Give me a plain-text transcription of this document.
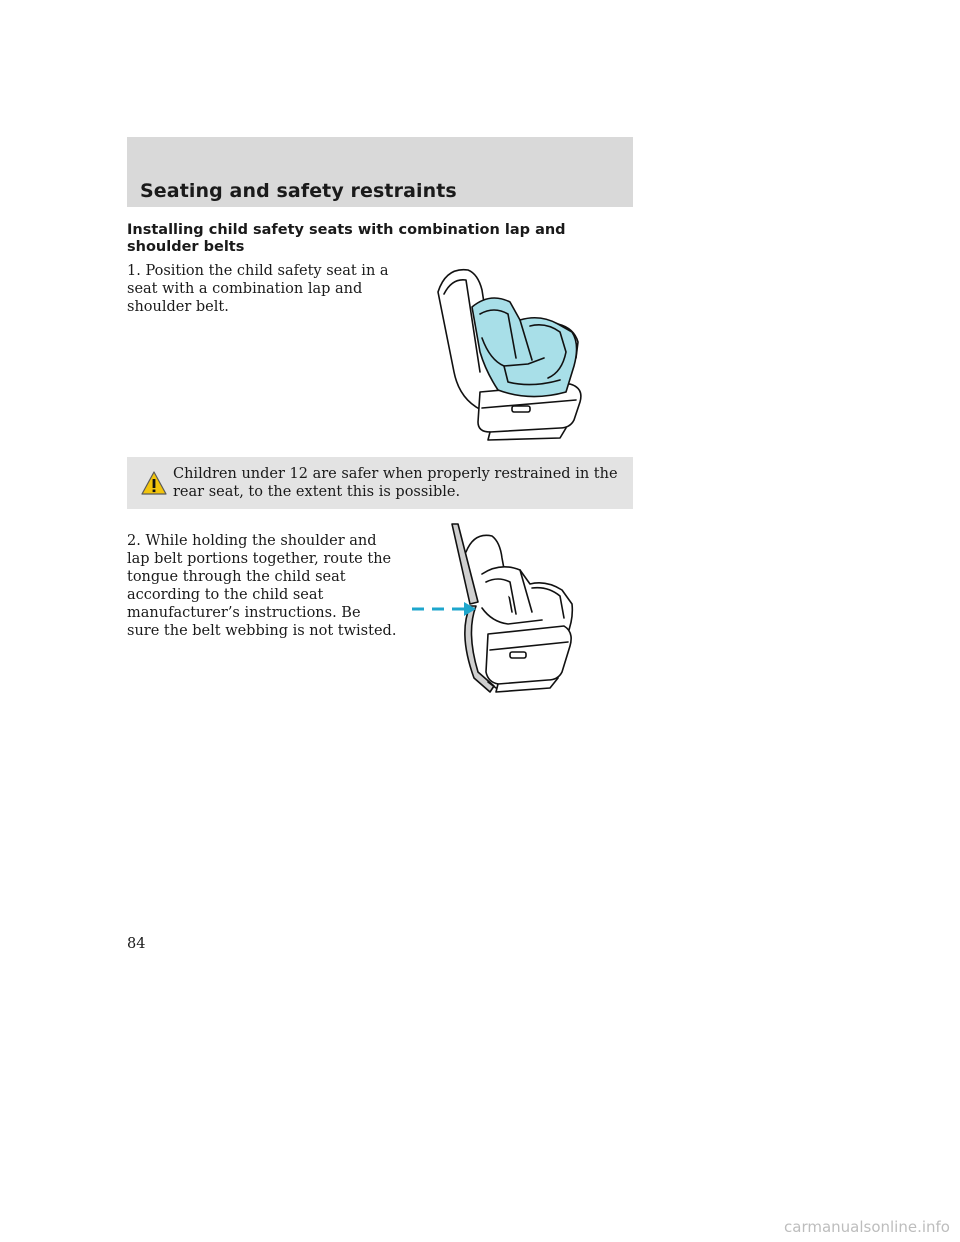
Seating and safety restraints
Installing child safety seats with combination lap and shoulder belts

1. Position the child safety seat in a seat with a combination lap and shoulder belt.

Children under 12 are safer when properly restrained in the rear seat, to the extent this is possible.

2. While holding the shoulder and lap belt portions together, route the tongue through the child seat according to the child seat manufacturer’s instructions. Be sure the belt webbing is not twisted.

84

carmanualsonline.info
